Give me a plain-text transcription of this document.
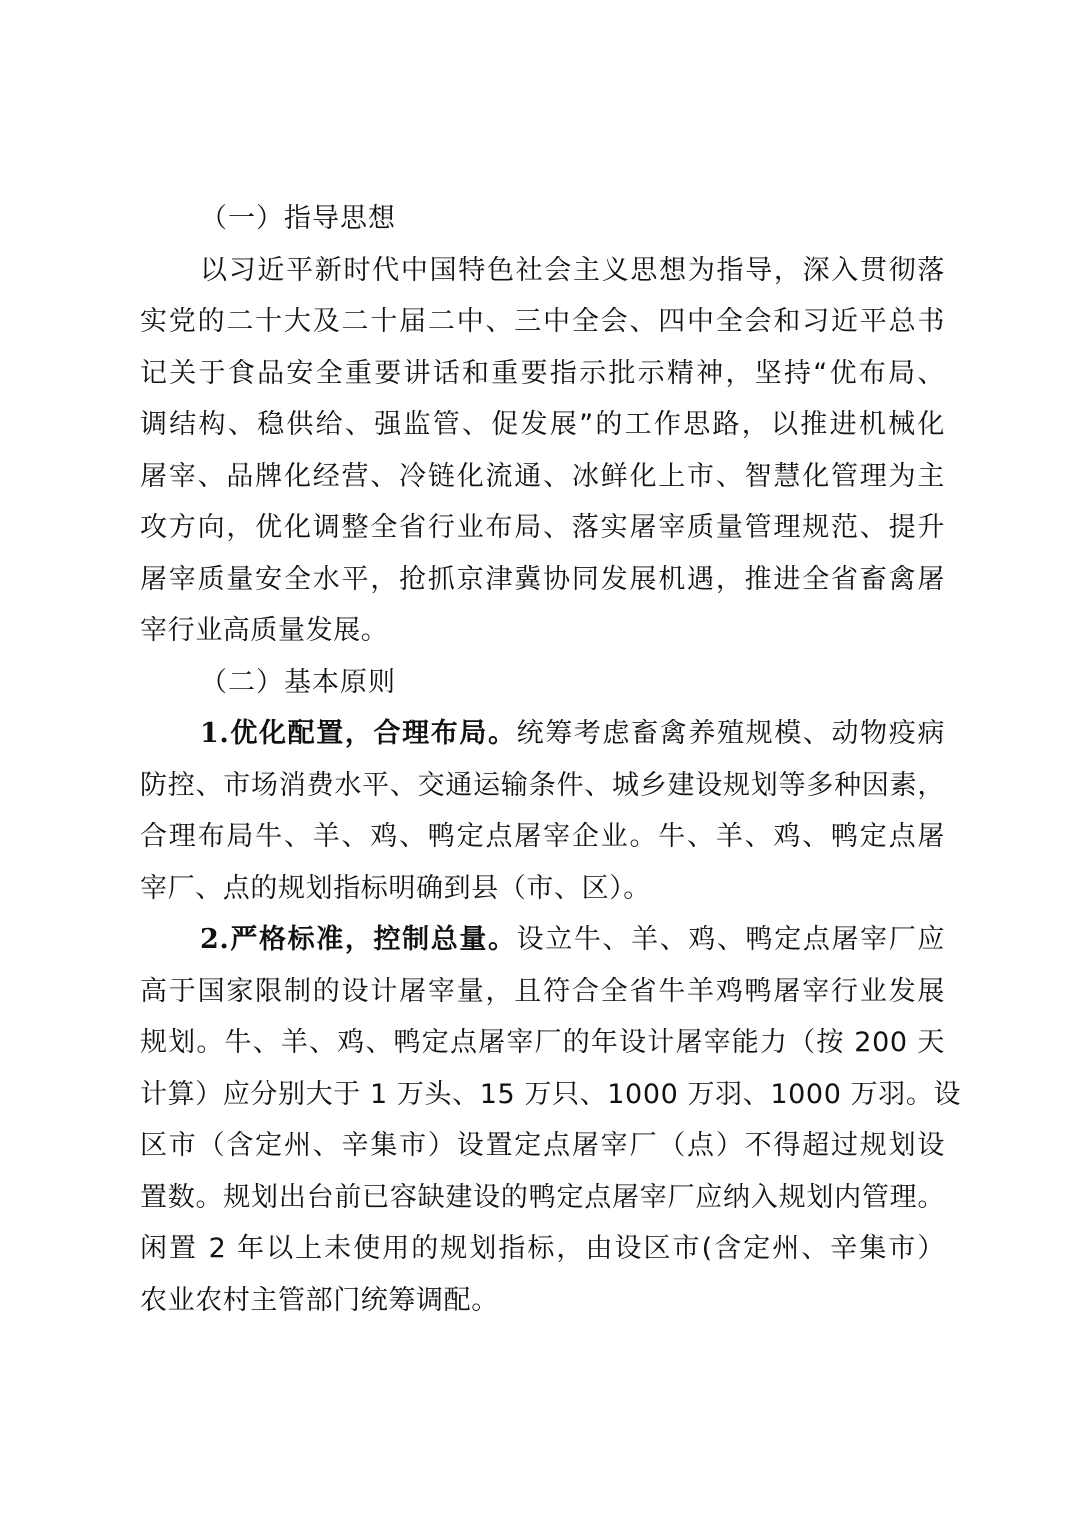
（一）指导思想
以习近平新时代中国特色社会主义思想为指导，深入贯彻落
实党的二十大及二十届二中、三中全会、四中全会和习近平总书
记关于食品安全重要讲话和重要指示批示精神，坚持“优布局、
调结构、稳供给、强监管、促发展”的工作思路，以推进机械化
屠宰、品牌化经营、冷链化流通、冰鲜化上市、智慧化管理为主
攻方向，优化调整全省行业布局、落实屠宰质量管理规范、提升
屠宰质量安全水平，抢抓京津冀协同发展机遇，推进全省畜禽屠
宰行业高质量发展。
（二）基本原则
1.优化配置，合理布局。统筹考虑畜禽养殖规模、动物疫病
防控、市场消费水平、交通运输条件、城乡建设规划等多种因素，
合理布局牛、羊、鸡、鸭定点屠宰企业。牛、羊、鸡、鸭定点屠
宰厂、点的规划指标明确到县（市、区）。
2.严格标准，控制总量。设立牛、羊、鸡、鸭定点屠宰厂应
高于国家限制的设计屠宰量，且符合全省牛羊鸡鸭屠宰行业发展
规划。牛、羊、鸡、鸭定点屠宰厂的年设计屠宰能力（按 200 天
计算）应分别大于 1 万头、15 万只、1000 万羽、1000 万羽。设
区市（含定州、辛集市）设置定点屠宰厂（点）不得超过规划设
置数。规划出台前已容缺建设的鸭定点屠宰厂应纳入规划内管理。
闲置 2 年以上未使用的规划指标，由设区市(含定州、辛集市）
农业农村主管部门统筹调配。
